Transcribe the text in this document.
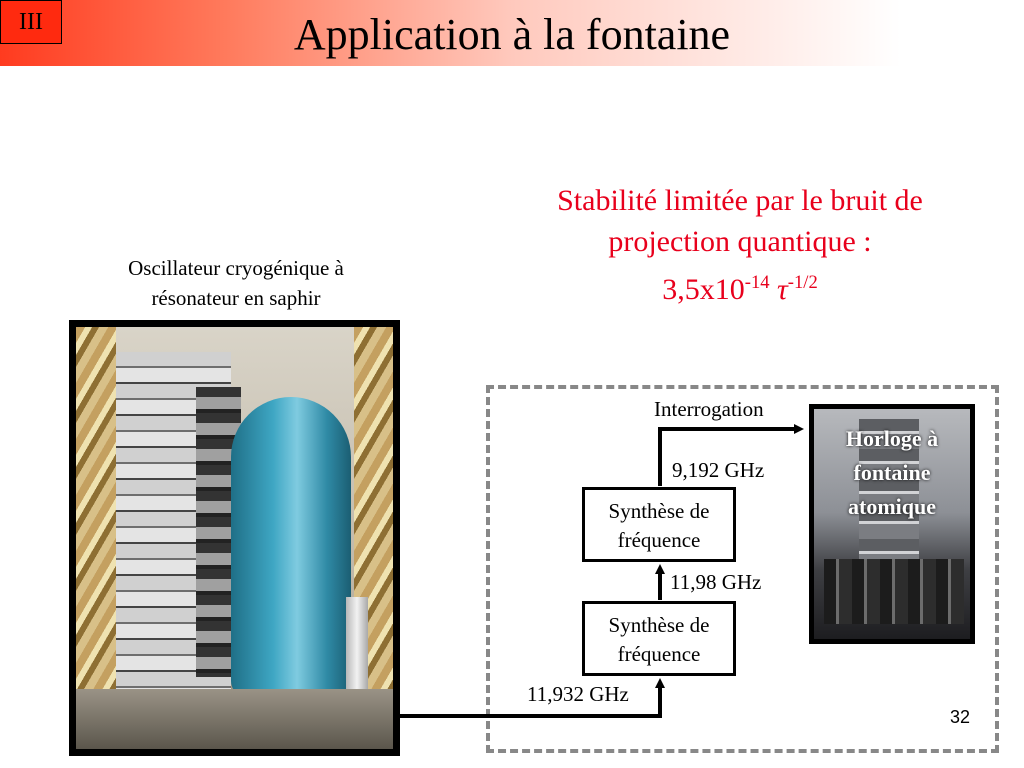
III	Application à la fontaine
Stabilité limitée par le bruit de
projection quantique :
$3,5x10^{-14}$ $\tau^{-1/2}$
Oscillateur cryogénique à
résonateur en saphir
Interrogation
9,192 GHz
11,98 GHz
11,932 GHz
Synthèse de
fréquence
Synthèse de
fréquence
Horloge à
fontaine
atomique
32
